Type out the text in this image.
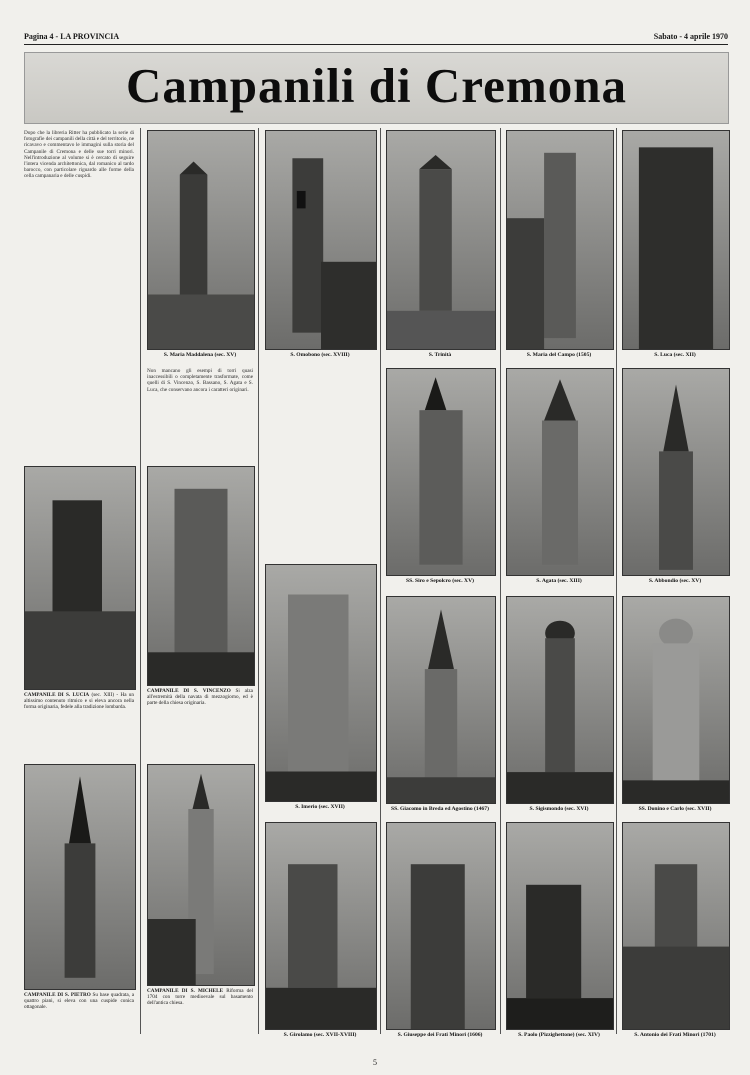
Pagina 4 - LA PROVINCIA	Sabato - 4 aprile 1970
Campanili di Cremona

Dopo che la libreria Ritter ha pubblicato la serie di fotografie dei campanili della città e del territorio, ne ricavavo e commentavo le immagini sulla storia del Campanile di Cremona e delle sue torri minori. Nell'introduzione al volume si è cercato di seguire l'intera vicenda architettonica, dal romanico al tardo barocco, con particolare riguardo alle forme della cella campanaria e delle cuspidi.

Non mancano gli esempi di torri quasi inaccessibili o completamente trasformate, come quelli di S. Vincenzo, S. Bassano, S. Agata e S. Luca, che conservano ancora i caratteri originari.

S. Maria Maddalena (sec. XV)	S. Omobono (sec. XVIII)	S. Trinità	S. Maria del Campo (1505)	S. Luca (sec. XII)
CAMPANILE DI S. LUCIA (sec. XIII) - Ha un altissimo contenuto ritmico e si eleva ancora nella forma originaria, fedele alla tradizione lombarda.
CAMPANILE DI S. VINCENZO Si alza all'estremità della navata di mezzogiorno, ed è parte della chiesa originaria.
SS. Siro e Sepolcro (sec. XV)	S. Agata (sec. XIII)	S. Abbondio (sec. XV)
S. Imerio (sec. XVII)	SS. Giacomo in Breda ed Agostino (1467)	S. Sigismondo (sec. XVI)	SS. Donino e Carlo (sec. XVII)
CAMPANILE DI S. PIETRO Su base quadrata, a quattro piani, si eleva con una cuspide conica ottagonale.
CAMPANILE DI S. MICHELE Riforma del 1704 con torre medioevale sul basamento dell'antica chiesa.
S. Girolamo (sec. XVII-XVIII)	S. Giuseppe dei Frati Minori (1606)	S. Paolo (Pizzighettone) (sec. XIV)	S. Antonio dei Frati Minori (1701)
5
